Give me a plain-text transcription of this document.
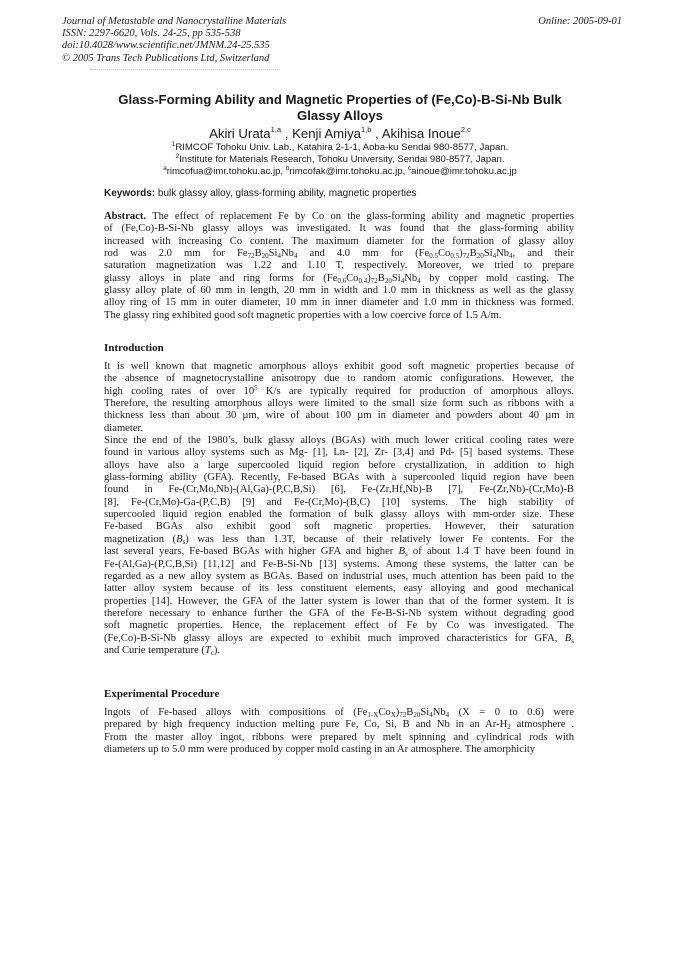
Journal of Metastable and Nanocrystalline Materials
ISSN: 2297-6620, Vols. 24-25, pp 535-538
doi:10.4028/www.scientific.net/JMNM.24-25.535
© 2005 Trans Tech Publications Ltd, Switzerland
Online: 2005-09-01
Glass-Forming Ability and Magnetic Properties of (Fe,Co)-B-Si-Nb Bulk
Glassy Alloys
Akiri Urata$^{1,a}$ , Kenji Amiya$^{1,b}$ , Akihisa Inoue$^{2,c}$
$^1$RIMCOF Tohoku Univ. Lab., Katahira 2-1-1, Aoba-ku Sendai 980-8577, Japan.
$^2$Institute for Materials Research, Tohoku University, Sendai 980-8577, Japan.
$^a$rimcofua@imr.tohoku.ac.jp, $^b$rimcofak@imr.tohoku.ac.jp, $^c$ainoue@imr.tohoku.ac.jp
Keywords: bulk glassy alloy, glass-forming ability, magnetic properties
Abstract. The effect of replacement Fe by Co on the glass-forming ability and magnetic properties
of (Fe,Co)-B-Si-Nb glassy alloys was investigated. It was found that the glass-forming ability
increased with increasing Co content. The maximum diameter for the formation of glassy alloy
rod was 2.0 mm for $Fe_{72}B_{20}Si_4Nb_4$ and 4.0 mm for $(Fe_{0.5}Co_{0.5})_{72}B_{20}Si_4Nb_4$, and their
saturation magnetization was 1.22 and 1.10 T, respectively. Moreover, we tried to prepare
glassy alloys in plate and ring forms for $(Fe_{0.6}Co_{0.4})_{72}B_{20}Si_4Nb_4$ by copper mold casting. The
glassy alloy plate of 60 mm in length, 20 mm in width and 1.0 mm in thickness as well as the glassy
alloy ring of 15 mm in outer diameter, 10 mm in inner diameter and 1.0 mm in thickness was formed.
The glassy ring exhibited good soft magnetic properties with a low coercive force of 1.5 A/m.
Introduction
It is well known that magnetic amorphous alloys exhibit good soft magnetic properties because of
the absence of magnetocrystalline anisotropy due to random atomic configurations. However, the
high cooling rates of over $10^5$ K/s are typically required for production of amorphous alloys.
Therefore, the resulting amorphous alloys were limited to the small size form such as ribbons with a
thickness less than about 30 µm, wire of about 100 µm in diameter and powders about 40 µm in
diameter.
Since the end of the 1980’s, bulk glassy alloys (BGAs) with much lower critical cooling rates were
found in various alloy systems such as Mg- [1], Ln- [2], Zr- [3,4] and Pd- [5] based systems. These
alloys have also a large supercooled liquid region before crystallization, in addition to high
glass-forming ability (GFA). Recently, Fe-based BGAs with a supercooled liquid region have been
found in Fe-(Cr,Mo,Nb)-(Al,Ga)-(P,C,B,Si) [6], Fe-(Zr,Hf,Nb)-B [7], Fe-(Zr,Nb)-(Cr,Mo)-B
[8], Fe-(Cr,Mo)-Ga-(P,C,B) [9] and Fe-(Cr,Mo)-(B,C) [10] systems. The high stability of
supercooled liquid region enabled the formation of bulk glassy alloys with mm-order size. These
Fe-based BGAs also exhibit good soft magnetic properties. However, their saturation
magnetization $(B_s)$ was less than 1.3T, because of their relatively lower Fe contents. For the
last several years, Fe-based BGAs with higher GFA and higher $B_s$ of about 1.4 T have been found in
Fe-(Al,Ga)-(P,C,B,Si) [11,12] and Fe-B-Si-Nb [13] systems. Among these systems, the latter can be
regarded as a new alloy system as BGAs. Based on industrial uses, much attention has been paid to the
latter alloy system because of its less constituent elements, easy alloying and good mechanical
properties [14]. However, the GFA of the latter system is lower than that of the former system. It is
therefore necessary to enhance further the GFA of the Fe-B-Si-Nb system without degrading good
soft magnetic properties. Hence, the replacement effect of Fe by Co was investigated. The
(Fe,Co)-B-Si-Nb glassy alloys are expected to exhibit much improved characteristics for GFA, $B_s$
and Curie temperature $(T_c)$.
Experimental Procedure
Ingots of Fe-based alloys with compositions of $(Fe_{1-X}Co_X)_{72}B_{20}Si_4Nb_4$ (X = 0 to 0.6) were
prepared by high frequency induction melting pure Fe, Co, Si, B and Nb in an $Ar-H_2$ atmosphere .
From the master alloy ingot, ribbons were prepared by melt spinning and cylindrical rods with
diameters up to 5.0 mm were produced by copper mold casting in an Ar atmosphere. The amorphicity
